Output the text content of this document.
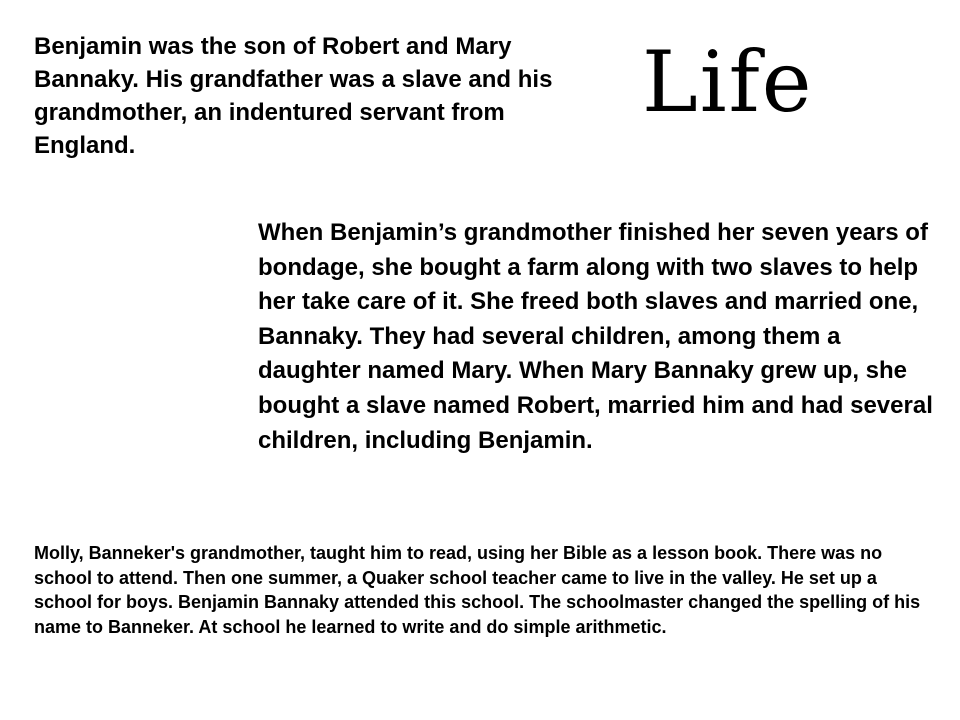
Life

Benjamin was the son of Robert and Mary Bannaky. His grandfather was a slave and his grandmother, an indentured servant from England.

When Benjamin’s grandmother finished her seven years of bondage, she bought a farm along with two slaves to help her take care of it. She freed both slaves and married one, Bannaky. They had several children, among them a daughter named Mary. When Mary Bannaky grew up, she bought a slave named Robert, married him and had several children, including Benjamin.

Molly, Banneker's grandmother, taught him to read, using her Bible as a lesson book. There was no school to attend. Then one summer, a Quaker school teacher came to live in the valley. He set up a school for boys. Benjamin Bannaky attended this school. The schoolmaster changed the spelling of his name to Banneker. At school he learned to write and do simple arithmetic.
